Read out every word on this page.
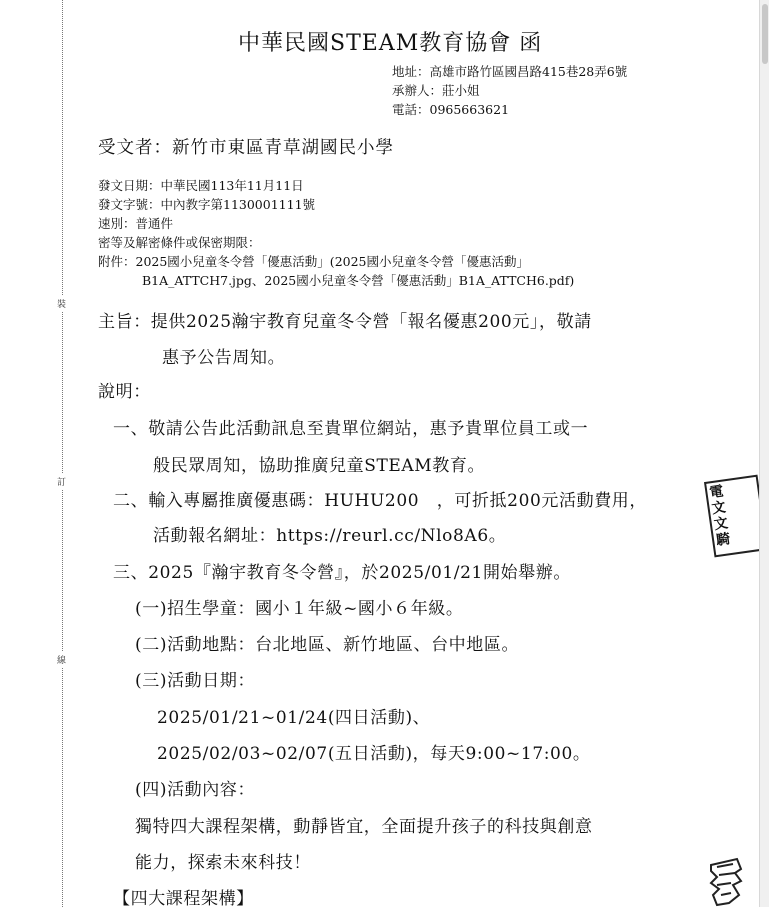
裝
訂
線
中華民國STEAM教育協會 函
地址：高雄市路竹區國昌路415巷28弄6號
承辦人：莊小姐
電話：0965663621
受文者：新竹市東區青草湖國民小學
發文日期：中華民國113年11月11日
發文字號：中內教字第1130001111號
速別：普通件
密等及解密條件或保密期限：
附件：2025國小兒童冬令營「優惠活動」(2025國小兒童冬令營「優惠活動」
B1A_ATTCH7.jpg、2025國小兒童冬令營「優惠活動」B1A_ATTCH6.pdf)
主旨：提供2025瀚宇教育兒童冬令營「報名優惠200元」，敬請
惠予公告周知。
說明：
一、敬請公告此活動訊息至貴單位網站，惠予貴單位員工或一
般民眾周知，協助推廣兒童STEAM教育。
二、輸入專屬推廣優惠碼：HUHU200　，可折抵200元活動費用，
活動報名網址：https://reurl.cc/Nlo8A6。
三、2025『瀚宇教育冬令營』，於2025/01/21開始舉辦。
(一)招生學童：國小１年級~國小６年級。
(二)活動地點：台北地區、新竹地區、台中地區。
(三)活動日期：
2025/01/21~01/24(四日活動)、
2025/02/03~02/07(五日活動)，每天9:00~17:00。
(四)活動內容：
獨特四大課程架構，動靜皆宜，全面提升孩子的科技與創意
能力，探索未來科技！
【四大課程架構】
電
文
文
騎
